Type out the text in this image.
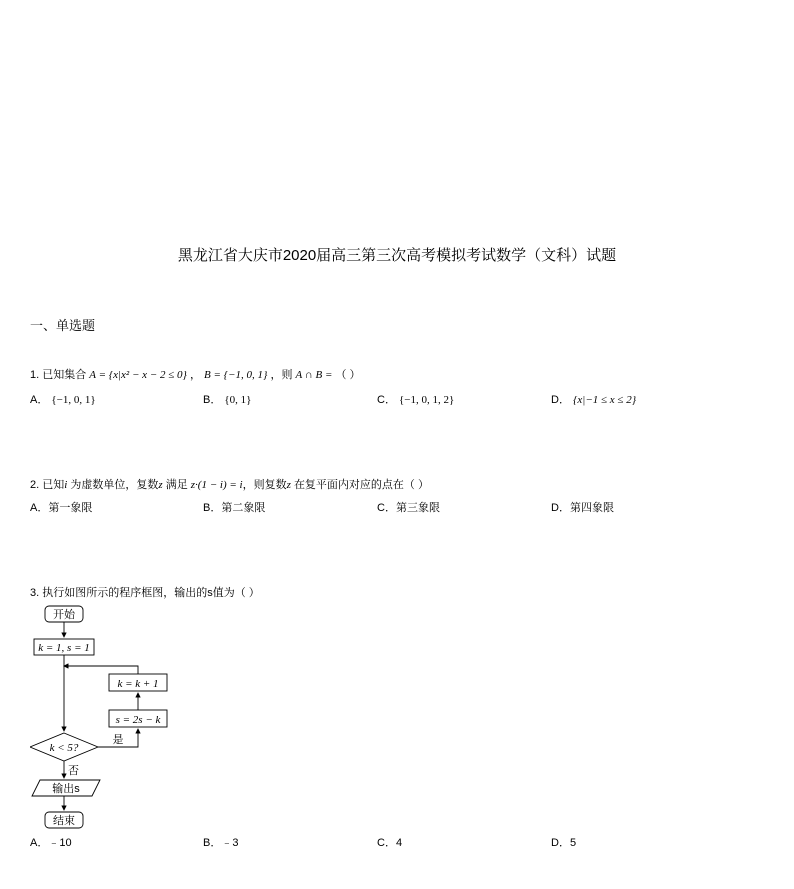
黑龙江省大庆市2020届高三第三次高考模拟考试数学（文科）试题
一、单选题
1. 已知集合 A = {x|x² − x − 2 ≤ 0} ， B = {−1, 0, 1} ，则 A ∩ B = （ ）
A． {−1, 0, 1}	B． {0, 1}	C． {−1, 0, 1, 2}	D． {x|−1 ≤ x ≤ 2}
2. 已知i 为虚数单位，复数z 满足 z·(1 − i) = i，则复数z 在复平面内对应的点在（ ）
A．第一象限	B．第二象限	C．第三象限	D．第四象限
3. 执行如图所示的程序框图，输出的s值为（ ）
开始
k = 1, s = 1
k = k + 1
s = 2s − k
是
k < 5?
否
输出s
结束
A．﹣10	B．﹣3	C．4	D．5
